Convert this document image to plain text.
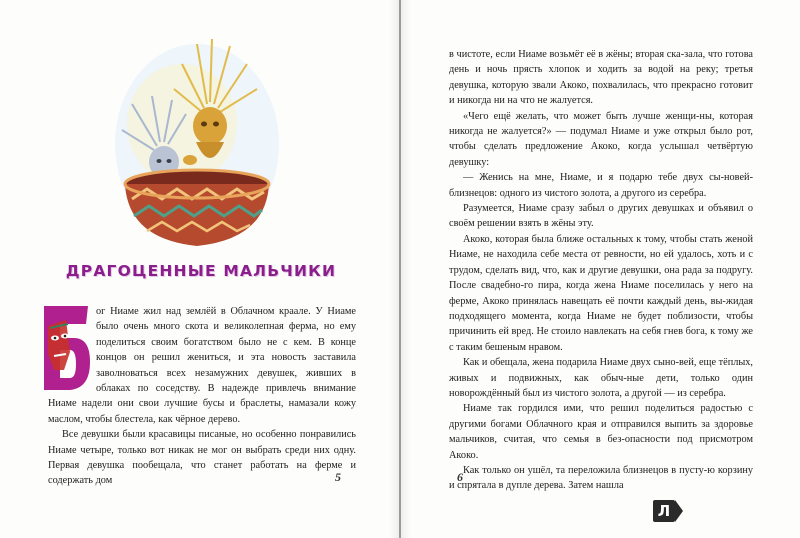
ДРАГОЦЕННЫЕ МАЛЬЧИКИ
Б

ог Ниаме жил над землёй в Облачном краале. У Ниаме было очень много скота и великолепная ферма, но ему поделиться своим богатством было не с кем. В конце концов он решил жениться, и эта новость заставила заволноваться всех незамужних девушек, живших в облаках по соседству. В надежде привлечь внимание Ниаме надели они свои лучшие бусы и браслеты, намазали кожу маслом, чтобы блестела, как чёрное дерево.

Все девушки были красавицы писаные, но особенно понравились Ниаме четыре, только вот никак не мог он выбрать среди них одну. Первая девушка пообещала, что станет работать на ферме и содержать дом	5

в чистоте, если Ниаме возьмёт её в жёны; вторая ска-зала, что готова день и ночь прясть хлопок и ходить за водой на реку; третья девушка, которую звали Акоко, похвалилась, что прекрасно готовит и никогда ни на что не жалуется.

«Чего ещё желать, что может быть лучше женщи-ны, которая никогда не жалуется?» — подумал Ниаме и уже открыл было рот, чтобы сделать предложение Акоко, когда услышал четвёртую девушку:

— Женись на мне, Ниаме, и я подарю тебе двух сы-новей-близнецов: одного из чистого золота, а другого из серебра.

Разумеется, Ниаме сразу забыл о других девушках и объявил о своём решении взять в жёны эту.

Акоко, которая была ближе остальных к тому, чтобы стать женой Ниаме, не находила себе места от ревности, но ей удалось, хоть и с трудом, сделать вид, что, как и другие девушки, она рада за подругу. После свадебно-го пира, когда жена Ниаме поселилась у него на ферме, Акоко принялась навещать её почти каждый день, вы-жидая подходящего момента, когда Ниаме не будет поблизости, чтобы причинить ей вред. Не стоило навлекать на себя гнев бога, к тому же с таким бешеным нравом.

Как и обещала, жена подарила Ниаме двух сыно-вей, еще тёплых, живых и подвижных, как обыч-ные дети, только один новорождённый был из чистого золота, а другой — из серебра.

Ниаме так гордился ими, что решил поделиться радостью с другими богами Облачного края и отправился выпить за здоровье мальчиков, считая, что семья в без-опасности под присмотром Акоко.

Как только он ушёл, та переложила близнецов в пусту-ю корзину и спрятала в дупле дерева. Затем нашла

6
Л
